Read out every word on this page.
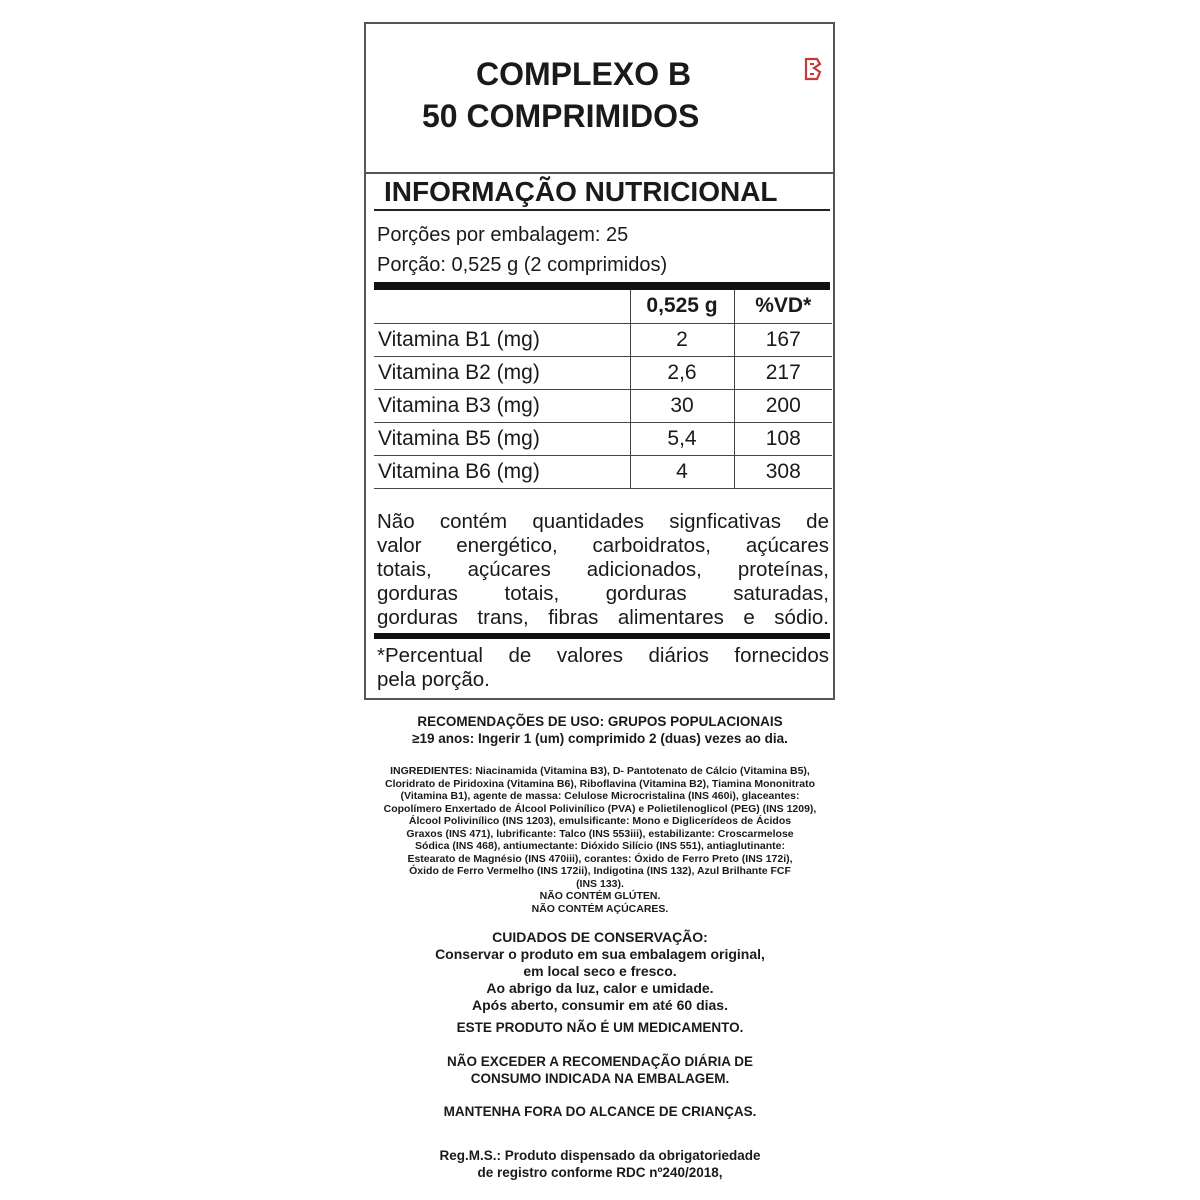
COMPLEXO B
50 COMPRIMIDOS
INFORMAÇÃO NUTRICIONAL
Porções por embalagem: 25
Porção: 0,525 g (2 comprimidos)
	0,525 g	%VD*
Vitamina B1 (mg)	2	167
Vitamina B2 (mg)	2,6	217
Vitamina B3 (mg)	30	200
Vitamina B5 (mg)	5,4	108
Vitamina B6 (mg)	4	308
Não contém quantidades signficativas de
valor energético, carboidratos, açúcares
totais, açúcares adicionados, proteínas,
gorduras totais, gorduras saturadas,
gorduras trans, fibras alimentares e sódio.
*Percentual de valores diários fornecidos
pela porção.
RECOMENDAÇÕES DE USO: GRUPOS POPULACIONAIS
≥19 anos: Ingerir 1 (um) comprimido 2 (duas) vezes ao dia.
INGREDIENTES: Niacinamida (Vitamina B3), D- Pantotenato de Cálcio (Vitamina B5),
Cloridrato de Piridoxina (Vitamina B6), Riboflavina (Vitamina B2), Tiamina Mononitrato
(Vitamina B1), agente de massa: Celulose Microcristalina (INS 460i), glaceantes:
Copolímero Enxertado de Álcool Polivinílico (PVA) e Polietilenoglicol (PEG) (INS 1209),
Álcool Polivinílico (INS 1203), emulsificante: Mono e Diglicerídeos de Ácidos
Graxos (INS 471), lubrificante: Talco (INS 553iii), estabilizante: Croscarmelose
Sódica (INS 468), antiumectante: Dióxido Silício (INS 551), antiaglutinante:
Estearato de Magnésio (INS 470iii), corantes: Óxido de Ferro Preto (INS 172i),
Óxido de Ferro Vermelho (INS 172ii), Indigotina (INS 132), Azul Brilhante FCF
(INS 133).
NÃO CONTÉM GLÚTEN.
NÃO CONTÉM AÇÚCARES.
CUIDADOS DE CONSERVAÇÃO:
Conservar o produto em sua embalagem original,
em local seco e fresco.
Ao abrigo da luz, calor e umidade.
Após aberto, consumir em até 60 dias.
ESTE PRODUTO NÃO É UM MEDICAMENTO.
NÃO EXCEDER A RECOMENDAÇÃO DIÁRIA DE
CONSUMO INDICADA NA EMBALAGEM.
MANTENHA FORA DO ALCANCE DE CRIANÇAS.
Reg.M.S.: Produto dispensado da obrigatoriedade
de registro conforme RDC nº240/2018,
